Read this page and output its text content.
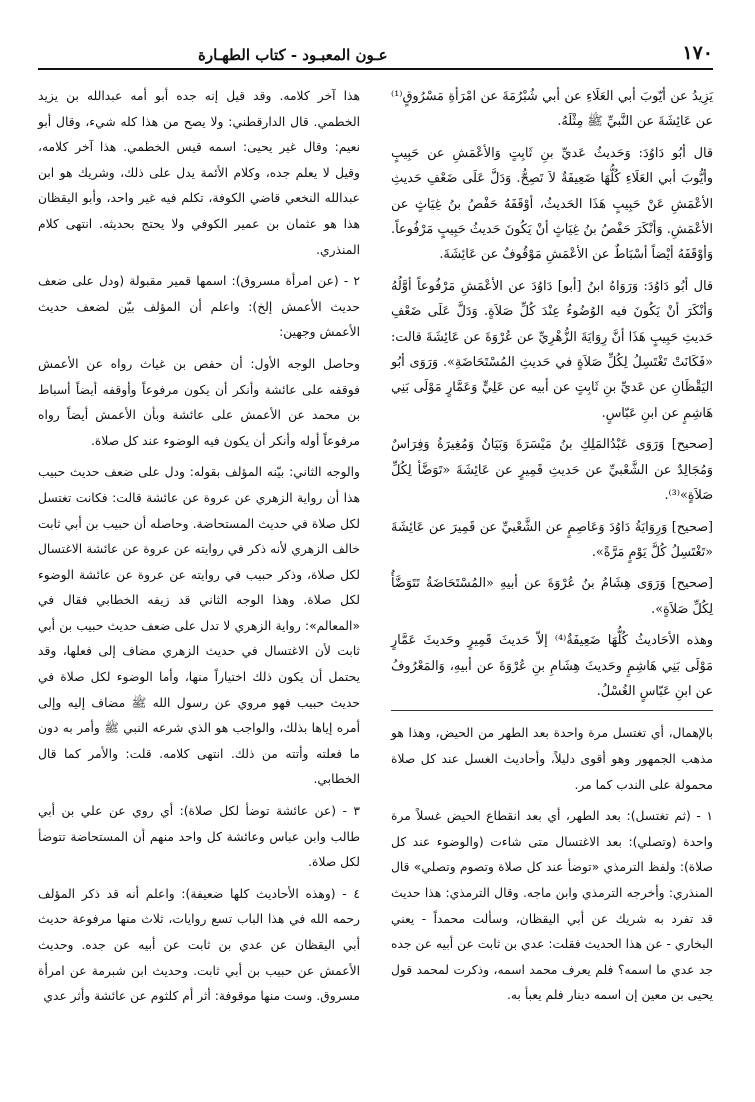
١٧٠
عـون المعبـود - كتاب الطهـارة

يَزِيدُ عن أيّوبَ أبي العَلَاءِ عن أبي شُبْرُمَةَ عن امْرَأةِ مَسْرُوقٍ⁽¹⁾ عن عَائِشَةَ عن النَّبيِّ ﷺ مِثْلَهُ.

قال أبُو دَاوُدَ: وَحَديثُ عَديِّ بنِ ثَابِتٍ وَالأعْمَشِ عن حَبِيبٍ وأيُّوبَ أبي العَلَاءِ كُلُّهَا ضَعِيفَةٌ لاَ تَصِحُّ. وَدَلَّ عَلَى ضَعْفِ حَديثِ الأعْمَشِ عَنْ حَبِيبٍ هَذَا الحَديثُ، أوْقَفَهُ حَفْصُ بنُ غِيَاثٍ عن الأعْمَشِ. وَأنْكَرَ حَفْصُ بنُ غِيَاثٍ أنْ يَكُونَ حَديثُ حَبِيبٍ مَرْفُوعاً. وَأوْقَفَهُ أيْضاً أسْبَاطٌ عن الأعْمَشِ مَوْقُوفٌ عن عَائِشَةَ.

قال أبُو دَاوُدَ: وَرَوَاهُ ابنُ [أبو] دَاوُدَ عن الأعْمَشِ مَرْفُوعاً أوَّلُهُ وَأنْكَرَ أنْ يَكُونَ فيه الوُضُوءُ عِنْدَ كُلِّ صَلاَةٍ. وَدَلَّ عَلَى ضَعْفِ حَديثِ حَبِيبٍ هَذَا أنَّ رِوَايَةَ الزُّهْرِيِّ عن عُرْوَةَ عن عَائِشَةَ قالت: «فَكَانَتْ تَغْتَسِلُ لِكُلِّ صَلاَةٍ في حَديثِ المُسْتَحَاضَةِ». وَرَوَى أبُو اليَقْظَانِ عن عَديِّ بنِ ثَابِتٍ عن أبيه عن عَلِيٍّ وَعَمَّارٍ مَوْلَى بَنِي هَاشِمٍ عن ابنِ عَبّاسٍ.

[صحيح] وَرَوَى عَبْدُالمَلِكِ بنُ مَيْسَرَةَ وَبَيَانٌ وَمُغِيرَةُ وَفِرَاسٌ وَمُجَالِدٌ عن الشَّعْبيِّ عن حَديثِ قَمِيرٍ عن عَائِشَةَ «تَوَضَّأ لِكُلِّ صَلاَةٍ»⁽³⁾.

[صحيح] وَرِوَايَةُ دَاوُدَ وَعَاصِمٍ عن الشَّعْبيِّ عن قَمِيرَ عن عَائِشَةَ «تَغْتَسِلُ كُلَّ يَوْمٍ مَرَّةً».

[صحيح] وَرَوَى هِشَامُ بنُ عُرْوَةَ عن أبيهِ «المُسْتَحَاضَةُ تَتَوَضَّأُ لِكُلِّ صَلاَةٍ».

وهذه الأحَاديثُ كُلُّهَا ضَعِيفَةٌ⁽⁴⁾ إلاّ حَديثَ قَمِيرٍ وحَديثَ عَمَّارٍ مَوْلَى بَنِي هَاشِمٍ وحَديثَ هِشَامِ بنِ عُرْوَةَ عن أبيهِ، وَالمَعْرُوفُ عن ابنِ عَبّاسٍ الغُسْلُ.

بالإهمال، أي تغتسل مرة واحدة بعد الطهر من الحيض، وهذا هو مذهب الجمهور وهو أقوى دليلاً، وأحاديث الغسل عند كل صلاة محمولة على الندب كما مر.

١ - (ثم تغتسل): بعد الطهر، أي بعد انقطاع الحيض غسلاً مرة واحدة (وتصلي): بعد الاغتسال متى شاءت (والوضوء عند كل صلاة): ولفظ الترمذي «توضأ عند كل صلاة وتصوم وتصلي» قال المنذري: وأخرجه الترمذي وابن ماجه. وقال الترمذي: هذا حديث قد تفرد به شريك عن أبي اليقظان، وسألت محمداً - يعني البخاري - عن هذا الحديث فقلت: عدي بن ثابت عن أبيه عن جده جد عدي ما اسمه؟ فلم يعرف محمد اسمه، وذكرت لمحمد قول يحيى بن معين إن اسمه دينار فلم يعبأ به.

هذا آخر كلامه. وقد قيل إنه جده أبو أمه عبدالله بن يزيد الخطمي. قال الدارقطني: ولا يصح من هذا كله شيء، وقال أبو نعيم: وقال غير يحيى: اسمه قيس الخطمي. هذا آخر كلامه، وقيل لا يعلم جده، وكلام الأئمة يدل على ذلك، وشريك هو ابن عبدالله النخعي قاضي الكوفة، تكلم فيه غير واحد، وأبو اليقظان هذا هو عثمان بن عمير الكوفي ولا يحتج بحديثه. انتهى كلام المنذري.

٢ - (عن امرأة مسروق): اسمها قمير مقبولة (ودل على ضعف حديث الأعمش إلخ): واعلم أن المؤلف بيّن لضعف حديث الأعمش وجهين:

وحاصل الوجه الأول: أن حفص بن غياث رواه عن الأعمش فوقفه على عائشة وأنكر أن يكون مرفوعاً وأوقفه أيضاً أسباط بن محمد عن الأعمش على عائشة وبأن الأعمش أيضاً رواه مرفوعاً أوله وأنكر أن يكون فيه الوضوء عند كل صلاة.

والوجه الثاني: بيّنه المؤلف بقوله: ودل على ضعف حديث حبيب هذا أن رواية الزهري عن عروة عن عائشة قالت: فكانت تغتسل لكل صلاة في حديث المستحاضة. وحاصله أن حبيب بن أبي ثابت خالف الزهري لأنه ذكر في روايته عن عروة عن عائشة الاغتسال لكل صلاة، وذكر حبيب في روايته عن عروة عن عائشة الوضوء لكل صلاة. وهذا الوجه الثاني قد زيفه الخطابي فقال في «المعالم»: رواية الزهري لا تدل على ضعف حديث حبيب بن أبي ثابت لأن الاغتسال في حديث الزهري مضاف إلى فعلها، وقد يحتمل أن يكون ذلك اختياراً منها، وأما الوضوء لكل صلاة في حديث حبيب فهو مروي عن رسول الله ﷺ مضاف إليه وإلى أمره إياها بذلك، والواجب هو الذي شرعه النبي ﷺ وأمر به دون ما فعلته وأتته من ذلك. انتهى كلامه. قلت: والأمر كما قال الخطابي.

٣ - (عن عائشة توضأ لكل صلاة): أي روي عن علي بن أبي طالب وابن عباس وعائشة كل واحد منهم أن المستحاضة تتوضأ لكل صلاة.

٤ - (وهذه الأحاديث كلها ضعيفة): واعلم أنه قد ذكر المؤلف رحمه الله في هذا الباب تسع روايات، ثلاث منها مرفوعة حديث أبي اليقظان عن عدي بن ثابت عن أبيه عن جده. وحديث الأعمش عن حبيب بن أبي ثابت. وحديث ابن شبرمة عن امرأة مسروق. وست منها موقوفة: أثر أم كلثوم عن عائشة وأثر عدي
